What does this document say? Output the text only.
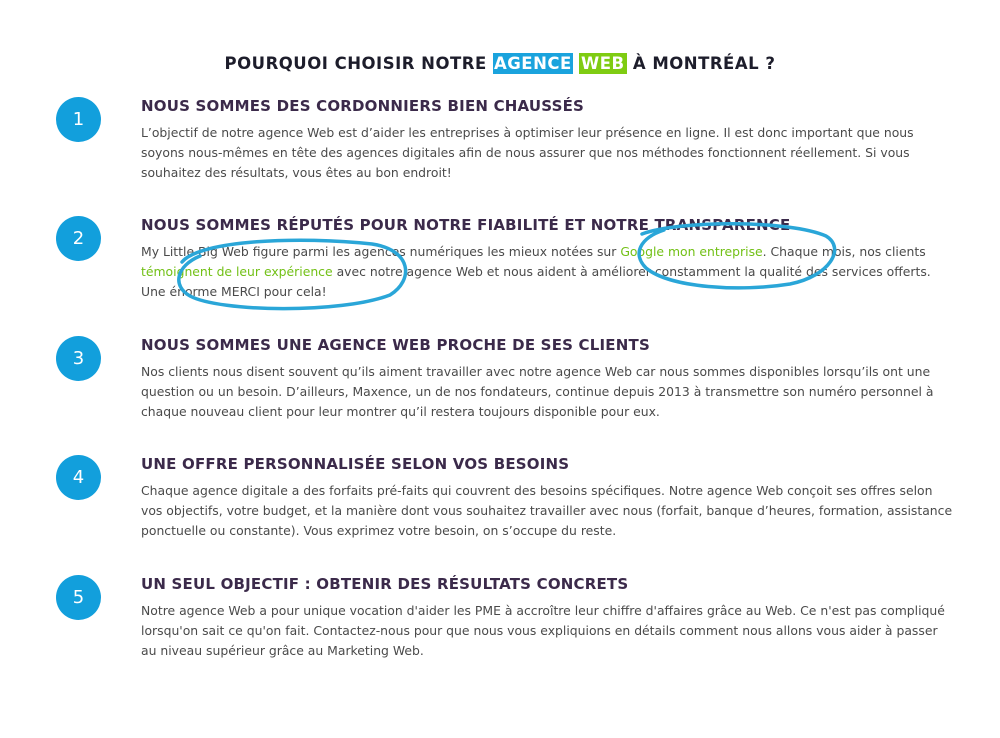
POURQUOI CHOISIR NOTRE AGENCE WEB À MONTRÉAL ?
1
NOUS SOMMES DES CORDONNIERS BIEN CHAUSSÉS

L’objectif de notre agence Web est d’aider les entreprises à optimiser leur présence en ligne. Il est donc important que nous soyons nous-mêmes en tête des agences digitales afin de nous assurer que nos méthodes fonctionnent réellement. Si vous souhaitez des résultats, vous êtes au bon endroit!

2
NOUS SOMMES RÉPUTÉS POUR NOTRE FIABILITÉ ET NOTRE TRANSPARENCE

My Little Big Web figure parmi les agences numériques les mieux notées sur Google mon entreprise. Chaque mois, nos clients témoignent de leur expérience avec notre agence Web et nous aident à améliorer constamment la qualité des services offerts. Une énorme MERCI pour cela!

3
NOUS SOMMES UNE AGENCE WEB PROCHE DE SES CLIENTS

Nos clients nous disent souvent qu’ils aiment travailler avec notre agence Web car nous sommes disponibles lorsqu’ils ont une question ou un besoin. D’ailleurs, Maxence, un de nos fondateurs, continue depuis 2013 à transmettre son numéro personnel à chaque nouveau client pour leur montrer qu’il restera toujours disponible pour eux.

4
UNE OFFRE PERSONNALISÉE SELON VOS BESOINS

Chaque agence digitale a des forfaits pré-faits qui couvrent des besoins spécifiques. Notre agence Web conçoit ses offres selon vos objectifs, votre budget, et la manière dont vous souhaitez travailler avec nous (forfait, banque d’heures, formation, assistance ponctuelle ou constante). Vous exprimez votre besoin, on s’occupe du reste.

5
UN SEUL OBJECTIF : OBTENIR DES RÉSULTATS CONCRETS

Notre agence Web a pour unique vocation d'aider les PME à accroître leur chiffre d'affaires grâce au Web. Ce n'est pas compliqué lorsqu'on sait ce qu'on fait. Contactez-nous pour que nous vous expliquions en détails comment nous allons vous aider à passer au niveau supérieur grâce au Marketing Web.
